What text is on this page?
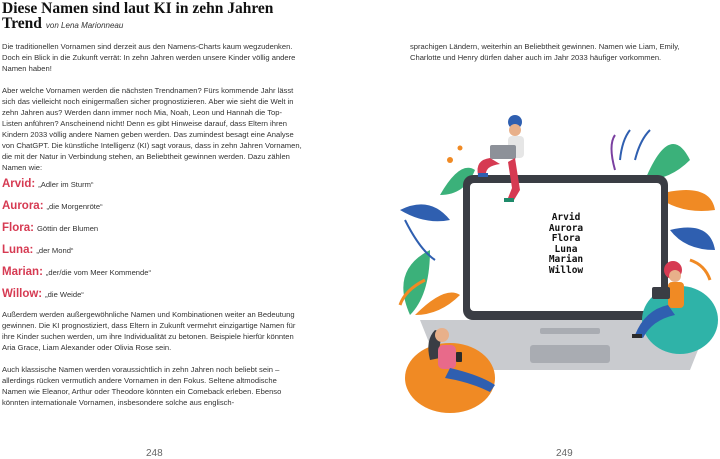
Diese Namen sind laut KI in zehn Jahren Trend von Lena Marionneau
Die traditionellen Vornamen sind derzeit aus den Namens-Charts kaum wegzudenken. Doch ein Blick in die Zukunft verrät: In zehn Jahren werden unsere Kinder völlig andere Namen haben!
Aber welche Vornamen werden die nächsten Trendnamen? Fürs kommende Jahr lässt sich das vielleicht noch einigermaßen sicher prognostizieren. Aber wie sieht die Welt in zehn Jahren aus? Werden dann immer noch Mia, Noah, Leon und Hannah die Top-Listen anführen? Anscheinend nicht! Denn es gibt Hinweise darauf, dass Eltern ihren Kindern 2033 völlig andere Namen geben werden. Das zumindest besagt eine Analyse von ChatGPT. Die künstliche Intelligenz (KI) sagt voraus, dass in zehn Jahren Vornamen, die mit der Natur in Verbindung stehen, an Beliebtheit gewinnen werden. Dazu zählen Namen wie:
Arvid: „Adler im Sturm“
Aurora: „die Morgenröte“
Flora: Göttin der Blumen
Luna: „der Mond“
Marian: „der/die vom Meer Kommende“
Willow: „die Weide“
Außerdem werden außergewöhnliche Namen und Kombinationen weiter an Bedeutung gewinnen. Die KI prognostiziert, dass Eltern in Zukunft vermehrt einzigartige Namen für ihre Kinder suchen werden, um ihre Individualität zu betonen. Beispiele hierfür könnten Aria Grace, Liam Alexander oder Olivia Rose sein.
Auch klassische Namen werden voraussichtlich in zehn Jahren noch beliebt sein – allerdings rücken vermutlich andere Vornamen in den Fokus. Seltene altmodische Namen wie Eleanor, Arthur oder Theodore könnten ein Comeback erleben. Ebenso könnten internationale Vornamen, insbesondere solche aus englisch-
248
sprachigen Ländern, weiterhin an Beliebtheit gewinnen. Namen wie Liam, Emily, Charlotte und Henry dürfen daher auch im Jahr 2033 häufiger vorkommen.
Arvid
Aurora
Flora
Luna
Marian
Willow
249
